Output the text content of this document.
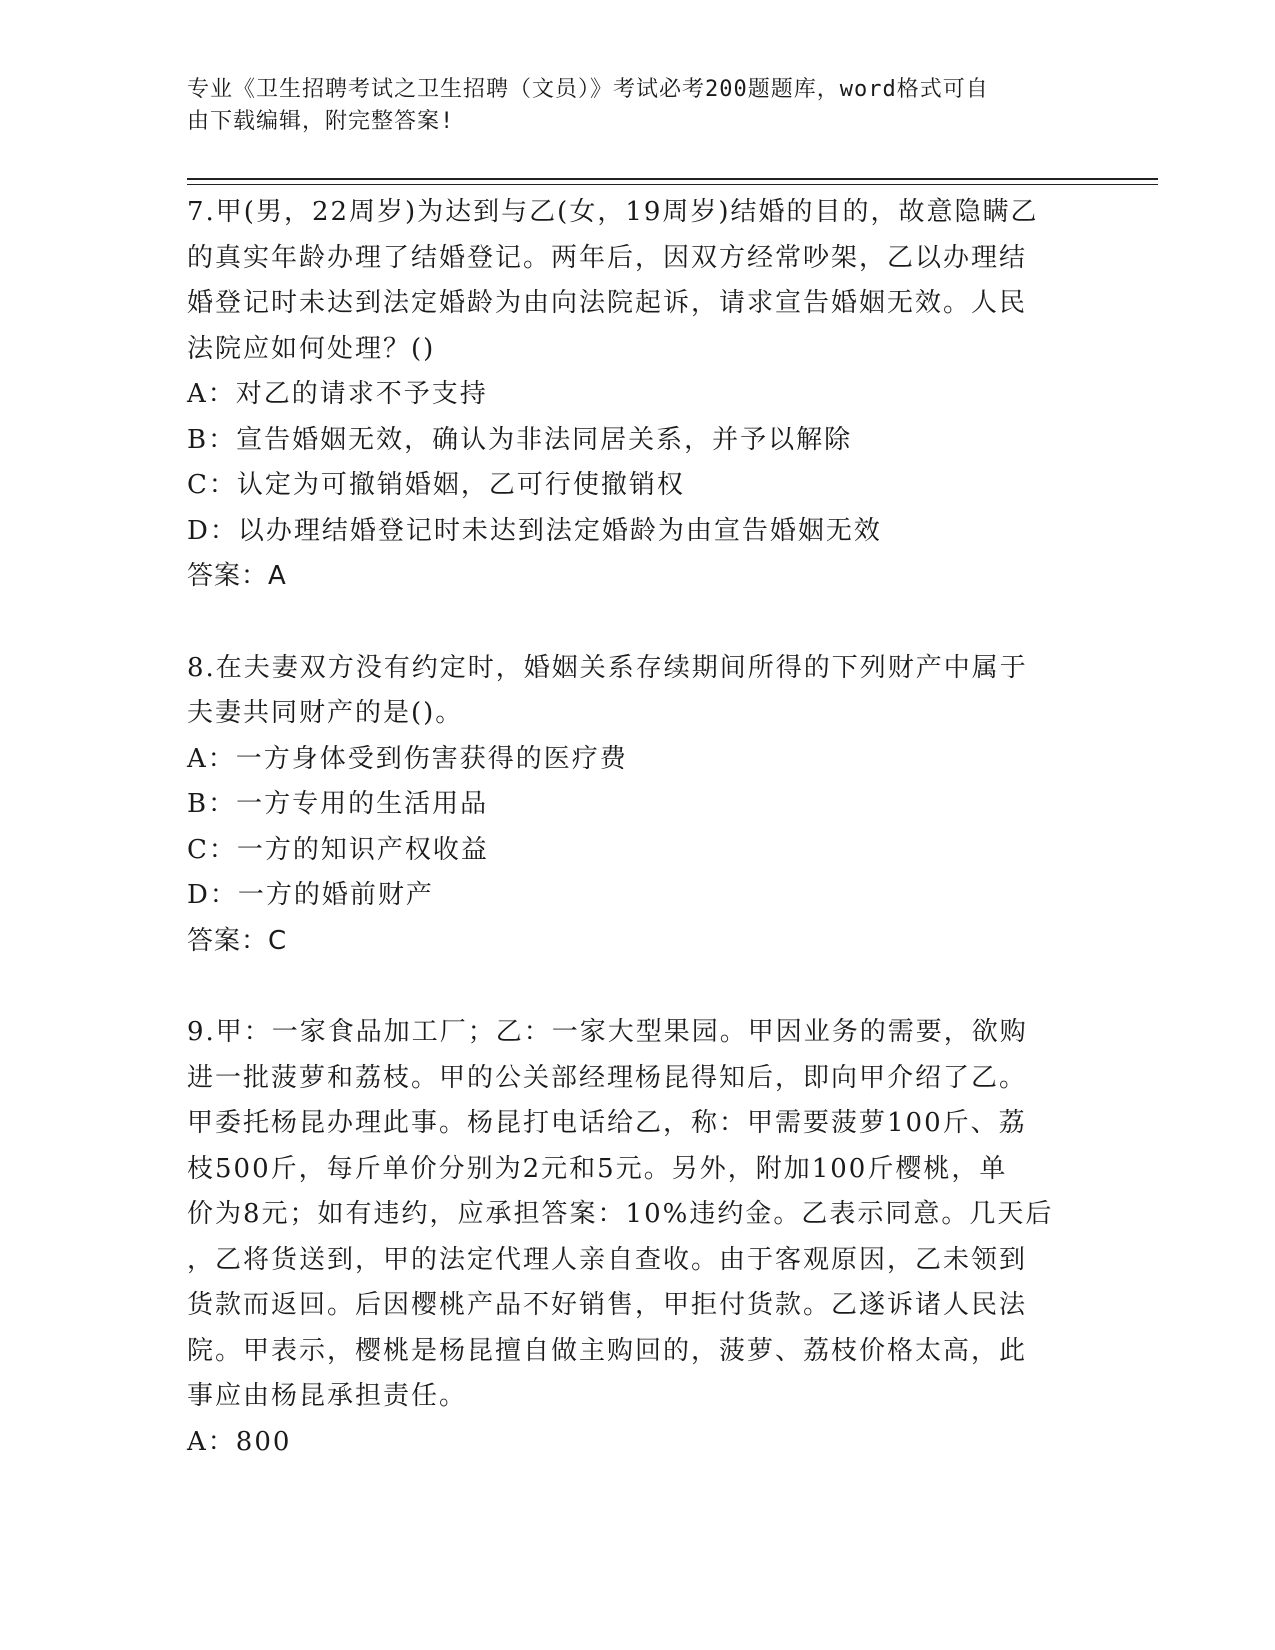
专业《卫生招聘考试之卫生招聘（文员）》考试必考200题题库，word格式可自
由下载编辑，附完整答案!

7.甲(男，22周岁)为达到与乙(女，19周岁)结婚的目的，故意隐瞒乙

的真实年龄办理了结婚登记。两年后，因双方经常吵架，乙以办理结

婚登记时未达到法定婚龄为由向法院起诉，请求宣告婚姻无效。人民

法院应如何处理？()

A：对乙的请求不予支持

B：宣告婚姻无效，确认为非法同居关系，并予以解除

C：认定为可撤销婚姻，乙可行使撤销权

D：以办理结婚登记时未达到法定婚龄为由宣告婚姻无效

答案：A

8.在夫妻双方没有约定时，婚姻关系存续期间所得的下列财产中属于

夫妻共同财产的是()。

A：一方身体受到伤害获得的医疗费

B：一方专用的生活用品

C：一方的知识产权收益

D：一方的婚前财产

答案：C

9.甲：一家食品加工厂；乙：一家大型果园。甲因业务的需要，欲购

进一批菠萝和荔枝。甲的公关部经理杨昆得知后，即向甲介绍了乙。

甲委托杨昆办理此事。杨昆打电话给乙，称：甲需要菠萝100斤、荔

枝500斤，每斤单价分别为2元和5元。另外，附加100斤樱桃，单

价为8元；如有违约，应承担答案：10%违约金。乙表示同意。几天后

，乙将货送到，甲的法定代理人亲自查收。由于客观原因，乙未领到

货款而返回。后因樱桃产品不好销售，甲拒付货款。乙遂诉诸人民法

院。甲表示，樱桃是杨昆擅自做主购回的，菠萝、荔枝价格太高，此

事应由杨昆承担责任。

A：800
